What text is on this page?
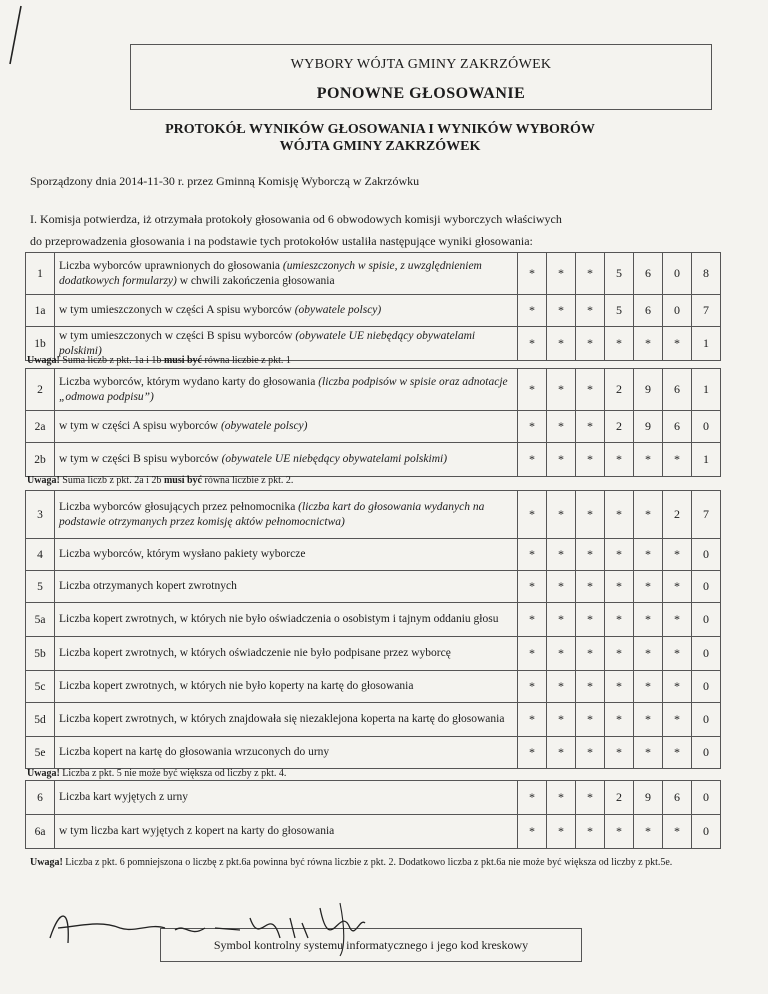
WYBORY WÓJTA GMINY ZAKRZÓWEK
PONOWNE GŁOSOWANIE
PROTOKÓŁ WYNIKÓW GŁOSOWANIA I WYNIKÓW WYBORÓW
WÓJTA GMINY ZAKRZÓWEK
Sporządzony dnia 2014-11-30 r. przez Gminną Komisję Wyborczą w Zakrzówku
I. Komisja potwierdza, iż otrzymała protokoły głosowania od 6 obwodowych komisji wyborczych właściwych
do przeprowadzenia głosowania i na podstawie tych protokołów ustaliła następujące wyniki głosowania:
1	Liczba wyborców uprawnionych do głosowania (umieszczonych w spisie, z uwzględnieniem dodatkowych formularzy) w chwili zakończenia głosowania	*	*	*	5	6	0	8
1a	w tym umieszczonych w części A spisu wyborców (obywatele polscy)	*	*	*	5	6	0	7
1b	w tym umieszczonych w części B spisu wyborców (obywatele UE niebędący obywatelami polskimi)	*	*	*	*	*	*	1
Uwaga! Suma liczb z pkt. 1a i 1b musi być równa liczbie z pkt. 1
2	Liczba wyborców, którym wydano karty do głosowania (liczba podpisów w spisie oraz adnotacje „odmowa podpisu”)	*	*	*	2	9	6	1
2a	w tym w części A spisu wyborców (obywatele polscy)	*	*	*	2	9	6	0
2b	w tym w części B spisu wyborców (obywatele UE niebędący obywatelami polskimi)	*	*	*	*	*	*	1
Uwaga! Suma liczb z pkt. 2a i 2b musi być równa liczbie z pkt. 2.
3	Liczba wyborców głosujących przez pełnomocnika (liczba kart do głosowania wydanych na podstawie otrzymanych przez komisję aktów pełnomocnictwa)	*	*	*	*	*	2	7
4	Liczba wyborców, którym wysłano pakiety wyborcze	*	*	*	*	*	*	0
5	Liczba otrzymanych kopert zwrotnych	*	*	*	*	*	*	0
5a	Liczba kopert zwrotnych, w których nie było oświadczenia o osobistym i tajnym oddaniu głosu	*	*	*	*	*	*	0
5b	Liczba kopert zwrotnych, w których oświadczenie nie było podpisane przez wyborcę	*	*	*	*	*	*	0
5c	Liczba kopert zwrotnych, w których nie było koperty na kartę do głosowania	*	*	*	*	*	*	0
5d	Liczba kopert zwrotnych, w których znajdowała się niezaklejona koperta na kartę do głosowania	*	*	*	*	*	*	0
5e	Liczba kopert na kartę do głosowania wrzuconych do urny	*	*	*	*	*	*	0
Uwaga! Liczba z pkt. 5 nie może być większa od liczby z pkt. 4.
6	Liczba kart wyjętych z urny	*	*	*	2	9	6	0
6a	w tym liczba kart wyjętych z kopert na karty do głosowania	*	*	*	*	*	*	0
Uwaga! Liczba z pkt. 6 pomniejszona o liczbę z pkt.6a powinna być równa liczbie z pkt. 2. Dodatkowo liczba z pkt.6a nie może być większa od liczby z pkt.5e.
Symbol kontrolny systemu informatycznego i jego kod kreskowy
